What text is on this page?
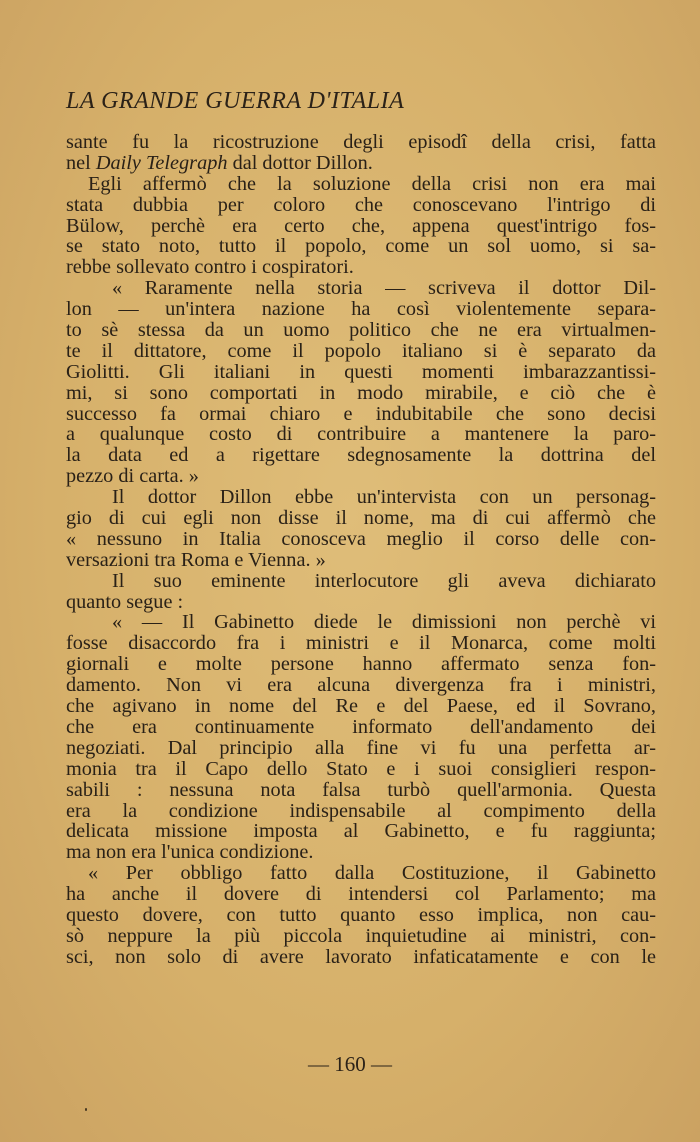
LA GRANDE GUERRA D'ITALIA
sante fu la ricostruzione degli episodî della crisi, fatta
nel Daily Telegraph dal dottor Dillon.
Egli affermò che la soluzione della crisi non era mai
stata dubbia per coloro che conoscevano l'intrigo di
Bülow, perchè era certo che, appena quest'intrigo fos-
se stato noto, tutto il popolo, come un sol uomo, si sa-
rebbe sollevato contro i cospiratori.
« Raramente nella storia — scriveva il dottor Dil-
lon — un'intera nazione ha così violentemente separa-
to sè stessa da un uomo politico che ne era virtualmen-
te il dittatore, come il popolo italiano si è separato da
Giolitti. Gli italiani in questi momenti imbarazzantissi-
mi, si sono comportati in modo mirabile, e ciò che è
successo fa ormai chiaro e indubitabile che sono decisi
a qualunque costo di contribuire a mantenere la paro-
la data ed a rigettare sdegnosamente la dottrina del
pezzo di carta. »
Il dottor Dillon ebbe un'intervista con un personag-
gio di cui egli non disse il nome, ma di cui affermò che
« nessuno in Italia conosceva meglio il corso delle con-
versazioni tra Roma e Vienna. »
Il suo eminente interlocutore gli aveva dichiarato
quanto segue :
« — Il Gabinetto diede le dimissioni non perchè vi
fosse disaccordo fra i ministri e il Monarca, come molti
giornali e molte persone hanno affermato senza fon-
damento. Non vi era alcuna divergenza fra i ministri,
che agivano in nome del Re e del Paese, ed il Sovrano,
che era continuamente informato dell'andamento dei
negoziati. Dal principio alla fine vi fu una perfetta ar-
monia tra il Capo dello Stato e i suoi consiglieri respon-
sabili : nessuna nota falsa turbò quell'armonia. Questa
era la condizione indispensabile al compimento della
delicata missione imposta al Gabinetto, e fu raggiunta;
ma non era l'unica condizione.
« Per obbligo fatto dalla Costituzione, il Gabinetto
ha anche il dovere di intendersi col Parlamento; ma
questo dovere, con tutto quanto esso implica, non cau-
sò neppure la più piccola inquietudine ai ministri, con-
sci, non solo di avere lavorato infaticatamente e con le
— 160 —
